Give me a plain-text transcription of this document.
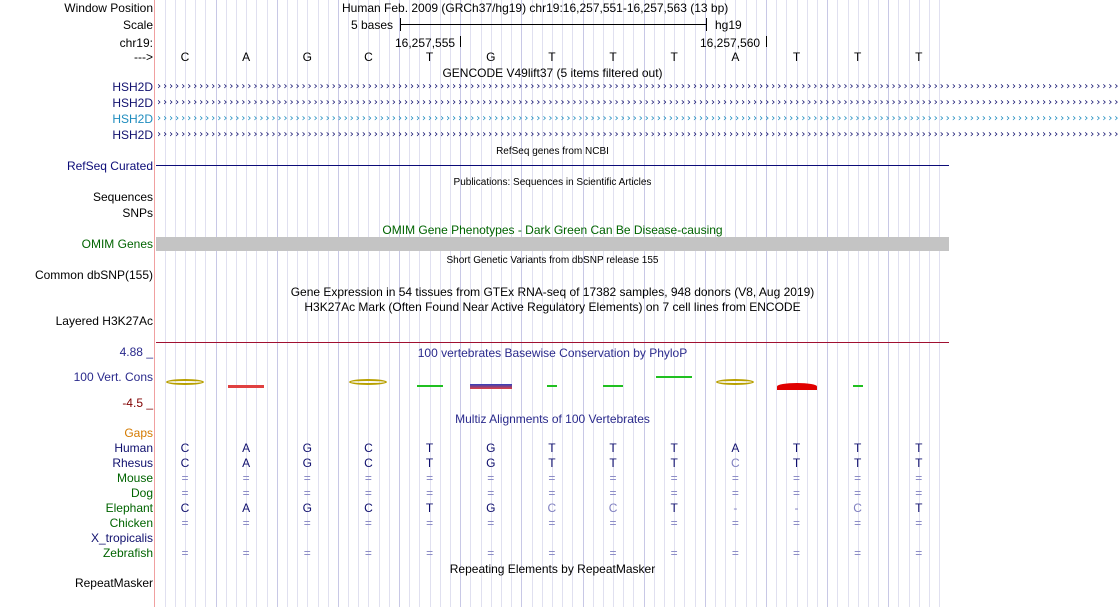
Window Position	Human Feb. 2009 (GRCh37/hg19) chr19:16,257,551-16,257,563 (13 bp)
Scale	5 bases	hg19
chr19:	16,257,555	16,257,560
--->	C	A	G	C	T	G	T	T	T	A	T	T	T
GENCODE V49lift37 (5 items filtered out)
HSH2D ››››››››››››››››››››››››››››››››››››››››››››››››››››››››››››››››››››››››››››››››››››››››››››››››››››››››››››››››››››››››››››››››››››››››››››››››››››››››››››››››
HSH2D ››››››››››››››››››››››››››››››››››››››››››››››››››››››››››››››››››››››››››››››››››››››››››››››››››››››››››››››››››››››››››››››››››››››››››››››››››››››››››››››››
HSH2D ››››››››››››››››››››››››››››››››››››››››››››››››››››››››››››››››››››››››››››››››››››››››››››››››››››››››››››››››››››››››››››››››››››››››››››››››››››››››››››››››
HSH2D ››››››››››››››››››››››››››››››››››››››››››››››››››››››››››››››››››››››››››››››››››››››››››››››››››››››››››››››››››››››››››››››››››››››››››››››››››››››››››››››››
RefSeq genes from NCBI
RefSeq Curated
Publications: Sequences in Scientific Articles
Sequences
SNPs
OMIM Gene Phenotypes - Dark Green Can Be Disease-causing
OMIM Genes
Short Genetic Variants from dbSNP release 155
Common dbSNP(155)
Gene Expression in 54 tissues from GTEx RNA-seq of 17382 samples, 948 donors (V8, Aug 2019)
H3K27Ac Mark (Often Found Near Active Regulatory Elements) on 7 cell lines from ENCODE
Layered H3K27Ac
100 vertebrates Basewise Conservation by PhyloP
4.88 _
100 Vert. Cons
-4.5 _
Multiz Alignments of 100 Vertebrates
Gaps
Human	C	A	G	C	T	G	T	T	T	A	T	T	T
Rhesus	C	A	G	C	T	G	T	T	T	C	T	T	T
Mouse	=	=	=	=	=	=	=	=	=	=	=	=	=
Dog	=	=	=	=	=	=	=	=	=	=	=	=	=
Elephant	C	A	G	C	T	G	C	C	T	-	-	C	T
Chicken	=	=	=	=	=	=	=	=	=	=	=	=	=
X_tropicalis
Zebrafish	=	=	=	=	=	=	=	=	=	=	=	=	=
Repeating Elements by RepeatMasker
RepeatMasker
